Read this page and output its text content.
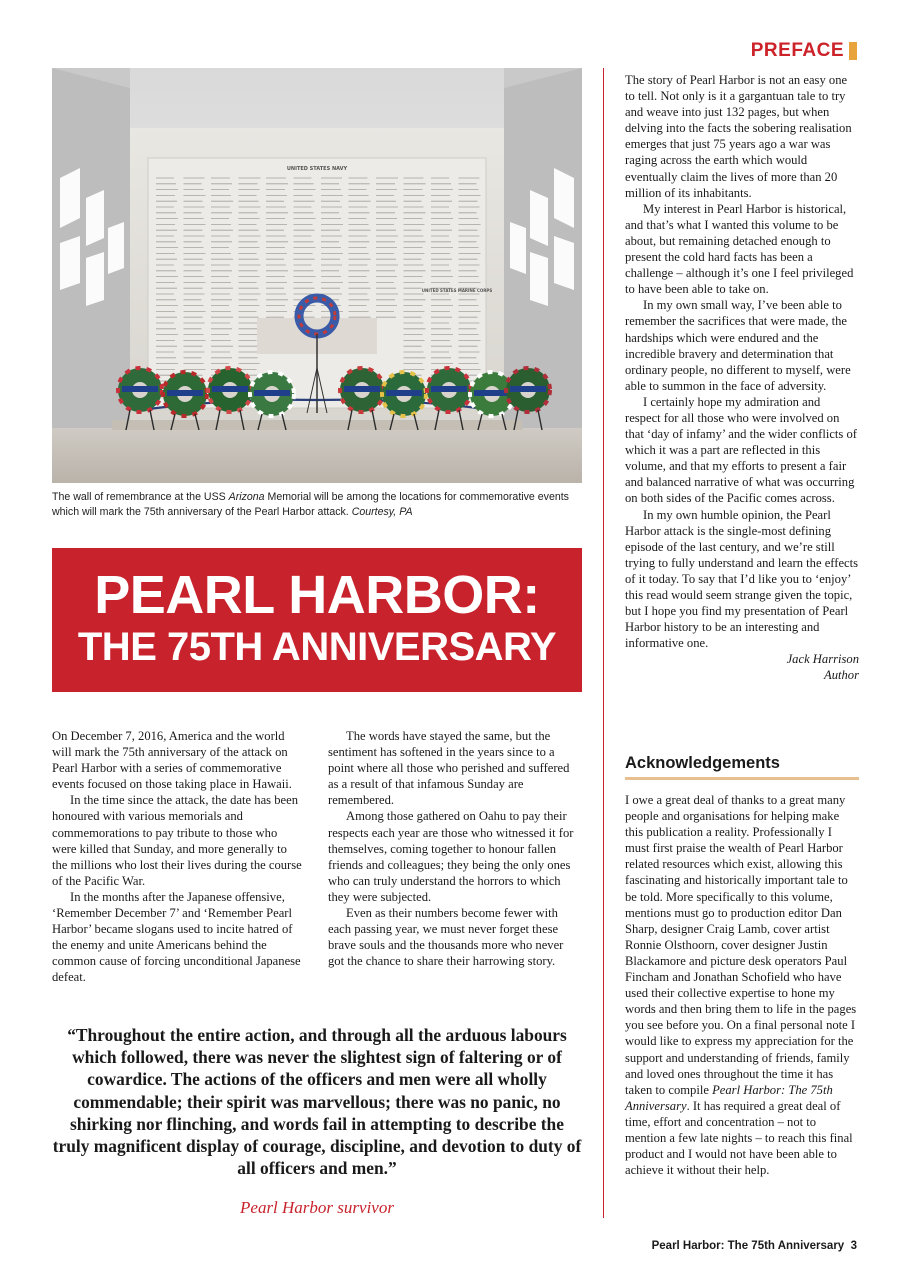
PREFACE
UNITED STATES NAVY
UNITED STATES MARINE CORPS
The wall of remembrance at the USS Arizona Memorial will be among the locations for commemorative events which will mark the 75th anniversary of the Pearl Harbor attack. Courtesy, PA
PEARL HARBOR:
THE 75TH ANNIVERSARY

On December 7, 2016, America and the world will mark the 75th anniversary of the attack on Pearl Harbor with a series of commemorative events focused on those taking place in Hawaii.

In the time since the attack, the date has been honoured with various memorials and commemorations to pay tribute to those who were killed that Sunday, and more generally to the millions who lost their lives during the course of the Pacific War.

In the months after the Japanese offensive, ‘Remember December 7’ and ‘Remember Pearl Harbor’ became slogans used to incite hatred of the enemy and unite Americans behind the common cause of forcing unconditional Japanese defeat.

The words have stayed the same, but the sentiment has softened in the years since to a point where all those who perished and suffered as a result of that infamous Sunday are remembered.

Among those gathered on Oahu to pay their respects each year are those who witnessed it for themselves, coming together to honour fallen friends and colleagues; they being the only ones who can truly understand the horrors to which they were subjected.

Even as their numbers become fewer with each passing year, we must never forget these brave souls and the thousands more who never got the chance to share their harrowing story.

“Throughout the entire action, and through all the arduous labours which followed, there was never the slightest sign of faltering or of cowardice. The actions of the officers and men were all wholly commendable; their spirit was marvellous; there was no panic, no shirking nor flinching, and words fail in attempting to describe the truly magnificent display of courage, discipline, and devotion to duty of all officers and men.”
Pearl Harbor survivor

The story of Pearl Harbor is not an easy one to tell. Not only is it a gargantuan tale to try and weave into just 132 pages, but when delving into the facts the sobering realisation emerges that just 75 years ago a war was raging across the earth which would eventually claim the lives of more than 20 million of its inhabitants.

My interest in Pearl Harbor is historical, and that’s what I wanted this volume to be about, but remaining detached enough to present the cold hard facts has been a challenge – although it’s one I feel privileged to have been able to take on.

In my own small way, I’ve been able to remember the sacrifices that were made, the hardships which were endured and the incredible bravery and determination that ordinary people, no different to myself, were able to summon in the face of adversity.

I certainly hope my admiration and respect for all those who were involved on that ‘day of infamy’ and the wider conflicts of which it was a part are reflected in this volume, and that my efforts to present a fair and balanced narrative of what was occurring on both sides of the Pacific comes across.

In my own humble opinion, the Pearl Harbor attack is the single-most defining episode of the last century, and we’re still trying to fully understand and learn the effects of it today. To say that I’d like you to ‘enjoy’ this read would seem strange given the topic, but I hope you find my presentation of Pearl Harbor history to be an interesting and informative one.

Jack Harrison
Author
Acknowledgements

I owe a great deal of thanks to a great many people and organisations for helping make this publication a reality. Professionally I must first praise the wealth of Pearl Harbor related resources which exist, allowing this fascinating and historically important tale to be told. More specifically to this volume, mentions must go to production editor Dan Sharp, designer Craig Lamb, cover artist Ronnie Olsthoorn, cover designer Justin Blackamore and picture desk operators Paul Fincham and Jonathan Schofield who have used their collective expertise to hone my words and then bring them to life in the pages you see before you. On a final personal note I would like to express my appreciation for the support and understanding of friends, family and loved ones throughout the time it has taken to compile Pearl Harbor: The 75th Anniversary. It has required a great deal of time, effort and concentration – not to mention a few late nights – to reach this final product and I would not have been able to achieve it without their help.

Pearl Harbor: The 75th Anniversary 3
